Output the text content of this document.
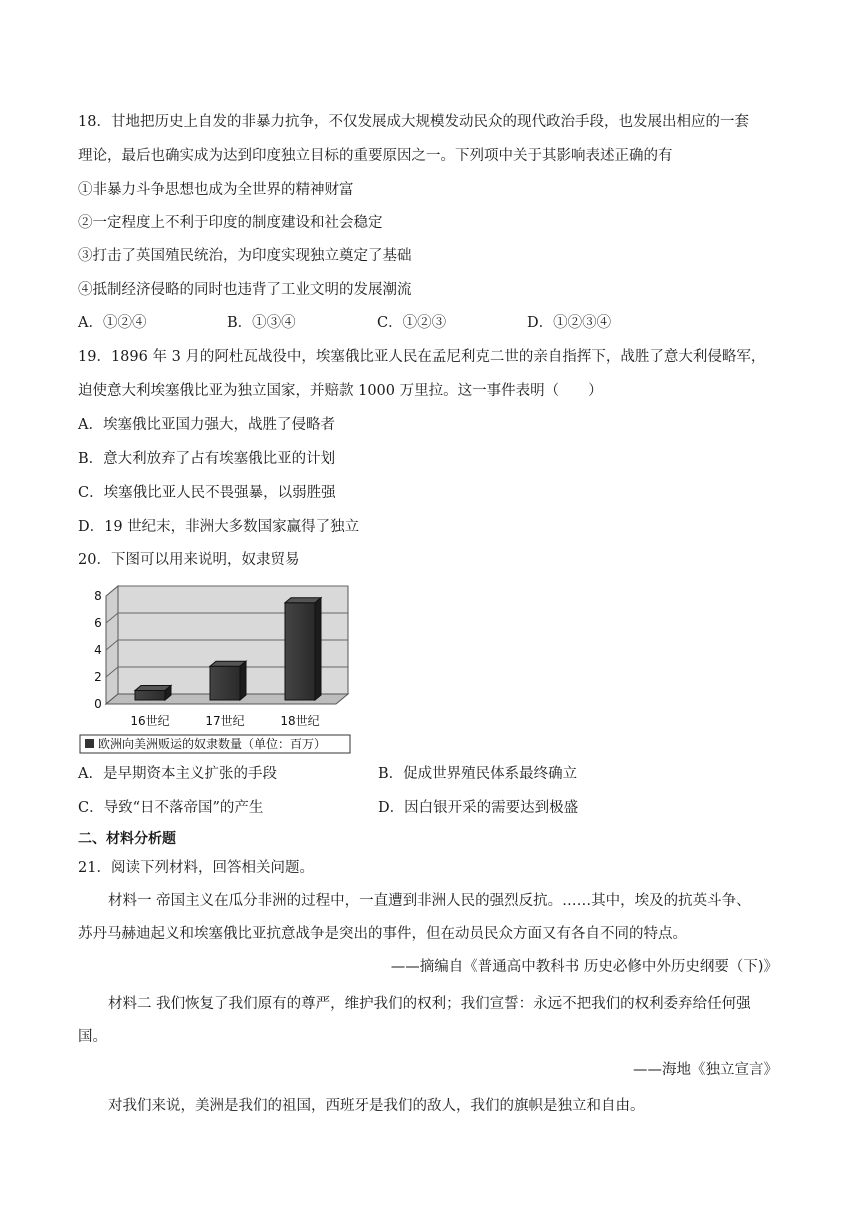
18．甘地把历史上自发的非暴力抗争，不仅发展成大规模发动民众的现代政治手段，也发展出相应的一套
理论，最后也确实成为达到印度独立目标的重要原因之一。下列项中关于其影响表述正确的有
①非暴力斗争思想也成为全世界的精神财富
②一定程度上不利于印度的制度建设和社会稳定
③打击了英国殖民统治，为印度实现独立奠定了基础
④抵制经济侵略的同时也违背了工业文明的发展潮流
A．①②④	B．①③④	C．①②③	D．①②③④
19．1896 年 3 月的阿杜瓦战役中，埃塞俄比亚人民在孟尼利克二世的亲自指挥下，战胜了意大利侵略军，
迫使意大利埃塞俄比亚为独立国家，并赔款 1000 万里拉。这一事件表明（　　）
A．埃塞俄比亚国力强大，战胜了侵略者
B．意大利放弃了占有埃塞俄比亚的计划
C．埃塞俄比亚人民不畏强暴，以弱胜强
D．19 世纪末，非洲大多数国家赢得了独立
20．下图可以用来说明，奴隶贸易
0
2
4
6
8
16世纪	17世纪	18世纪
欧洲向美洲贩运的奴隶数量（单位：百万）
A．是早期资本主义扩张的手段	B．促成世界殖民体系最终确立
C．导致“日不落帝国”的产生	D．因白银开采的需要达到极盛
二、材料分析题
21．阅读下列材料，回答相关问题。
材料一 帝国主义在瓜分非洲的过程中，一直遭到非洲人民的强烈反抗。……其中，埃及的抗英斗争、
苏丹马赫迪起义和埃塞俄比亚抗意战争是突出的事件，但在动员民众方面又有各自不同的特点。
——摘编自《普通高中教科书 历史必修中外历史纲要（下)》
材料二 我们恢复了我们原有的尊严，维护我们的权利；我们宣誓：永远不把我们的权利委弃给任何强
国。
——海地《独立宣言》
对我们来说，美洲是我们的祖国，西班牙是我们的敌人，我们的旗帜是独立和自由。
